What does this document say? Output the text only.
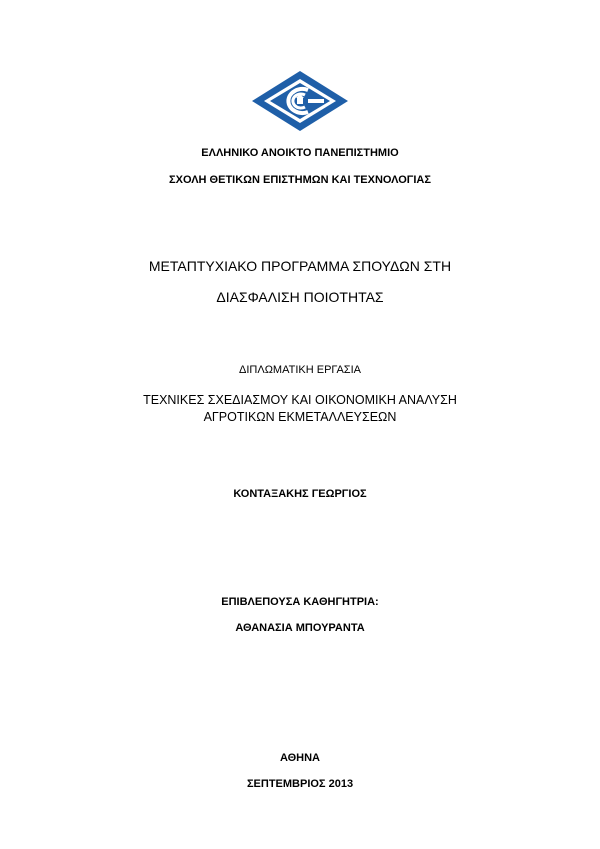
ΕΛΛΗΝΙΚΟ ΑΝΟΙΚΤΟ ΠΑΝΕΠΙΣΤΗΜΙΟ
ΣΧΟΛΗ ΘΕΤΙΚΩΝ ΕΠΙΣΤΗΜΩΝ ΚΑΙ ΤΕΧΝΟΛΟΓΙΑΣ
ΜΕΤΑΠΤΥΧΙΑΚΟ ΠΡΟΓΡΑΜΜΑ ΣΠΟΥΔΩΝ ΣΤΗ
ΔΙΑΣΦΑΛΙΣΗ ΠΟΙΟΤΗΤΑΣ
ΔΙΠΛΩΜΑΤΙΚΗ ΕΡΓΑΣΙΑ
ΤΕΧΝΙΚΕΣ ΣΧΕΔΙΑΣΜΟΥ ΚΑΙ ΟΙΚΟΝΟΜΙΚΗ ΑΝΑΛΥΣΗ
ΑΓΡΟΤΙΚΩΝ ΕΚΜΕΤΑΛΛΕΥΣΕΩΝ
ΚΟΝΤΑΞΑΚΗΣ ΓΕΩΡΓΙΟΣ
ΕΠΙΒΛΕΠΟΥΣΑ ΚΑΘΗΓΗΤΡΙΑ:
ΑΘΑΝΑΣΙΑ ΜΠΟΥΡΑΝΤΑ
ΑΘΗΝΑ
ΣΕΠΤΕΜΒΡΙΟΣ 2013
